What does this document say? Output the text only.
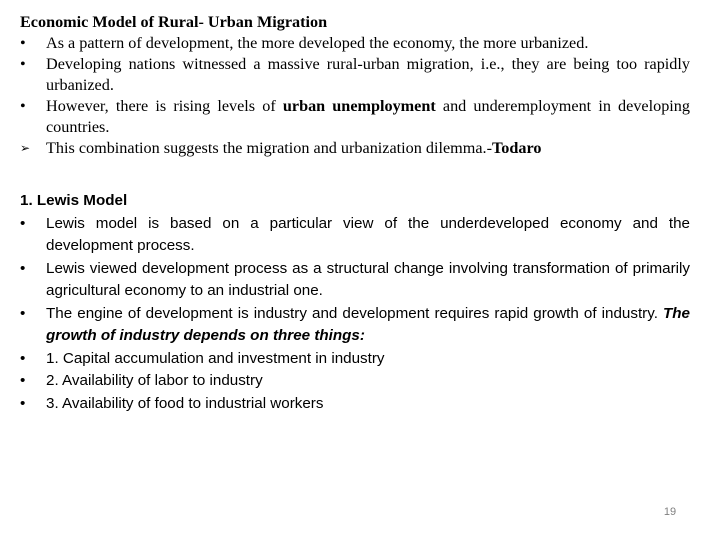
Economic Model of Rural- Urban Migration
•	As a pattern of development, the more developed the economy, the more urbanized.
•	Developing nations witnessed a massive rural-urban migration, i.e., they are being too rapidly urbanized.
•	However, there is rising levels of urban unemployment and underemployment in developing countries.
➢ This combination suggests the migration and urbanization dilemma.-Todaro
1. Lewis Model
•	Lewis model is based on a particular view of the underdeveloped economy and the development process.
•	Lewis viewed development process as a structural change involving transformation of primarily agricultural economy to an industrial one.
•	The engine of development is industry and development requires rapid growth of industry. The growth of industry depends on three things:
•	1. Capital accumulation and investment in industry
•	2. Availability of labor to industry
•	3. Availability of food to industrial workers
19
